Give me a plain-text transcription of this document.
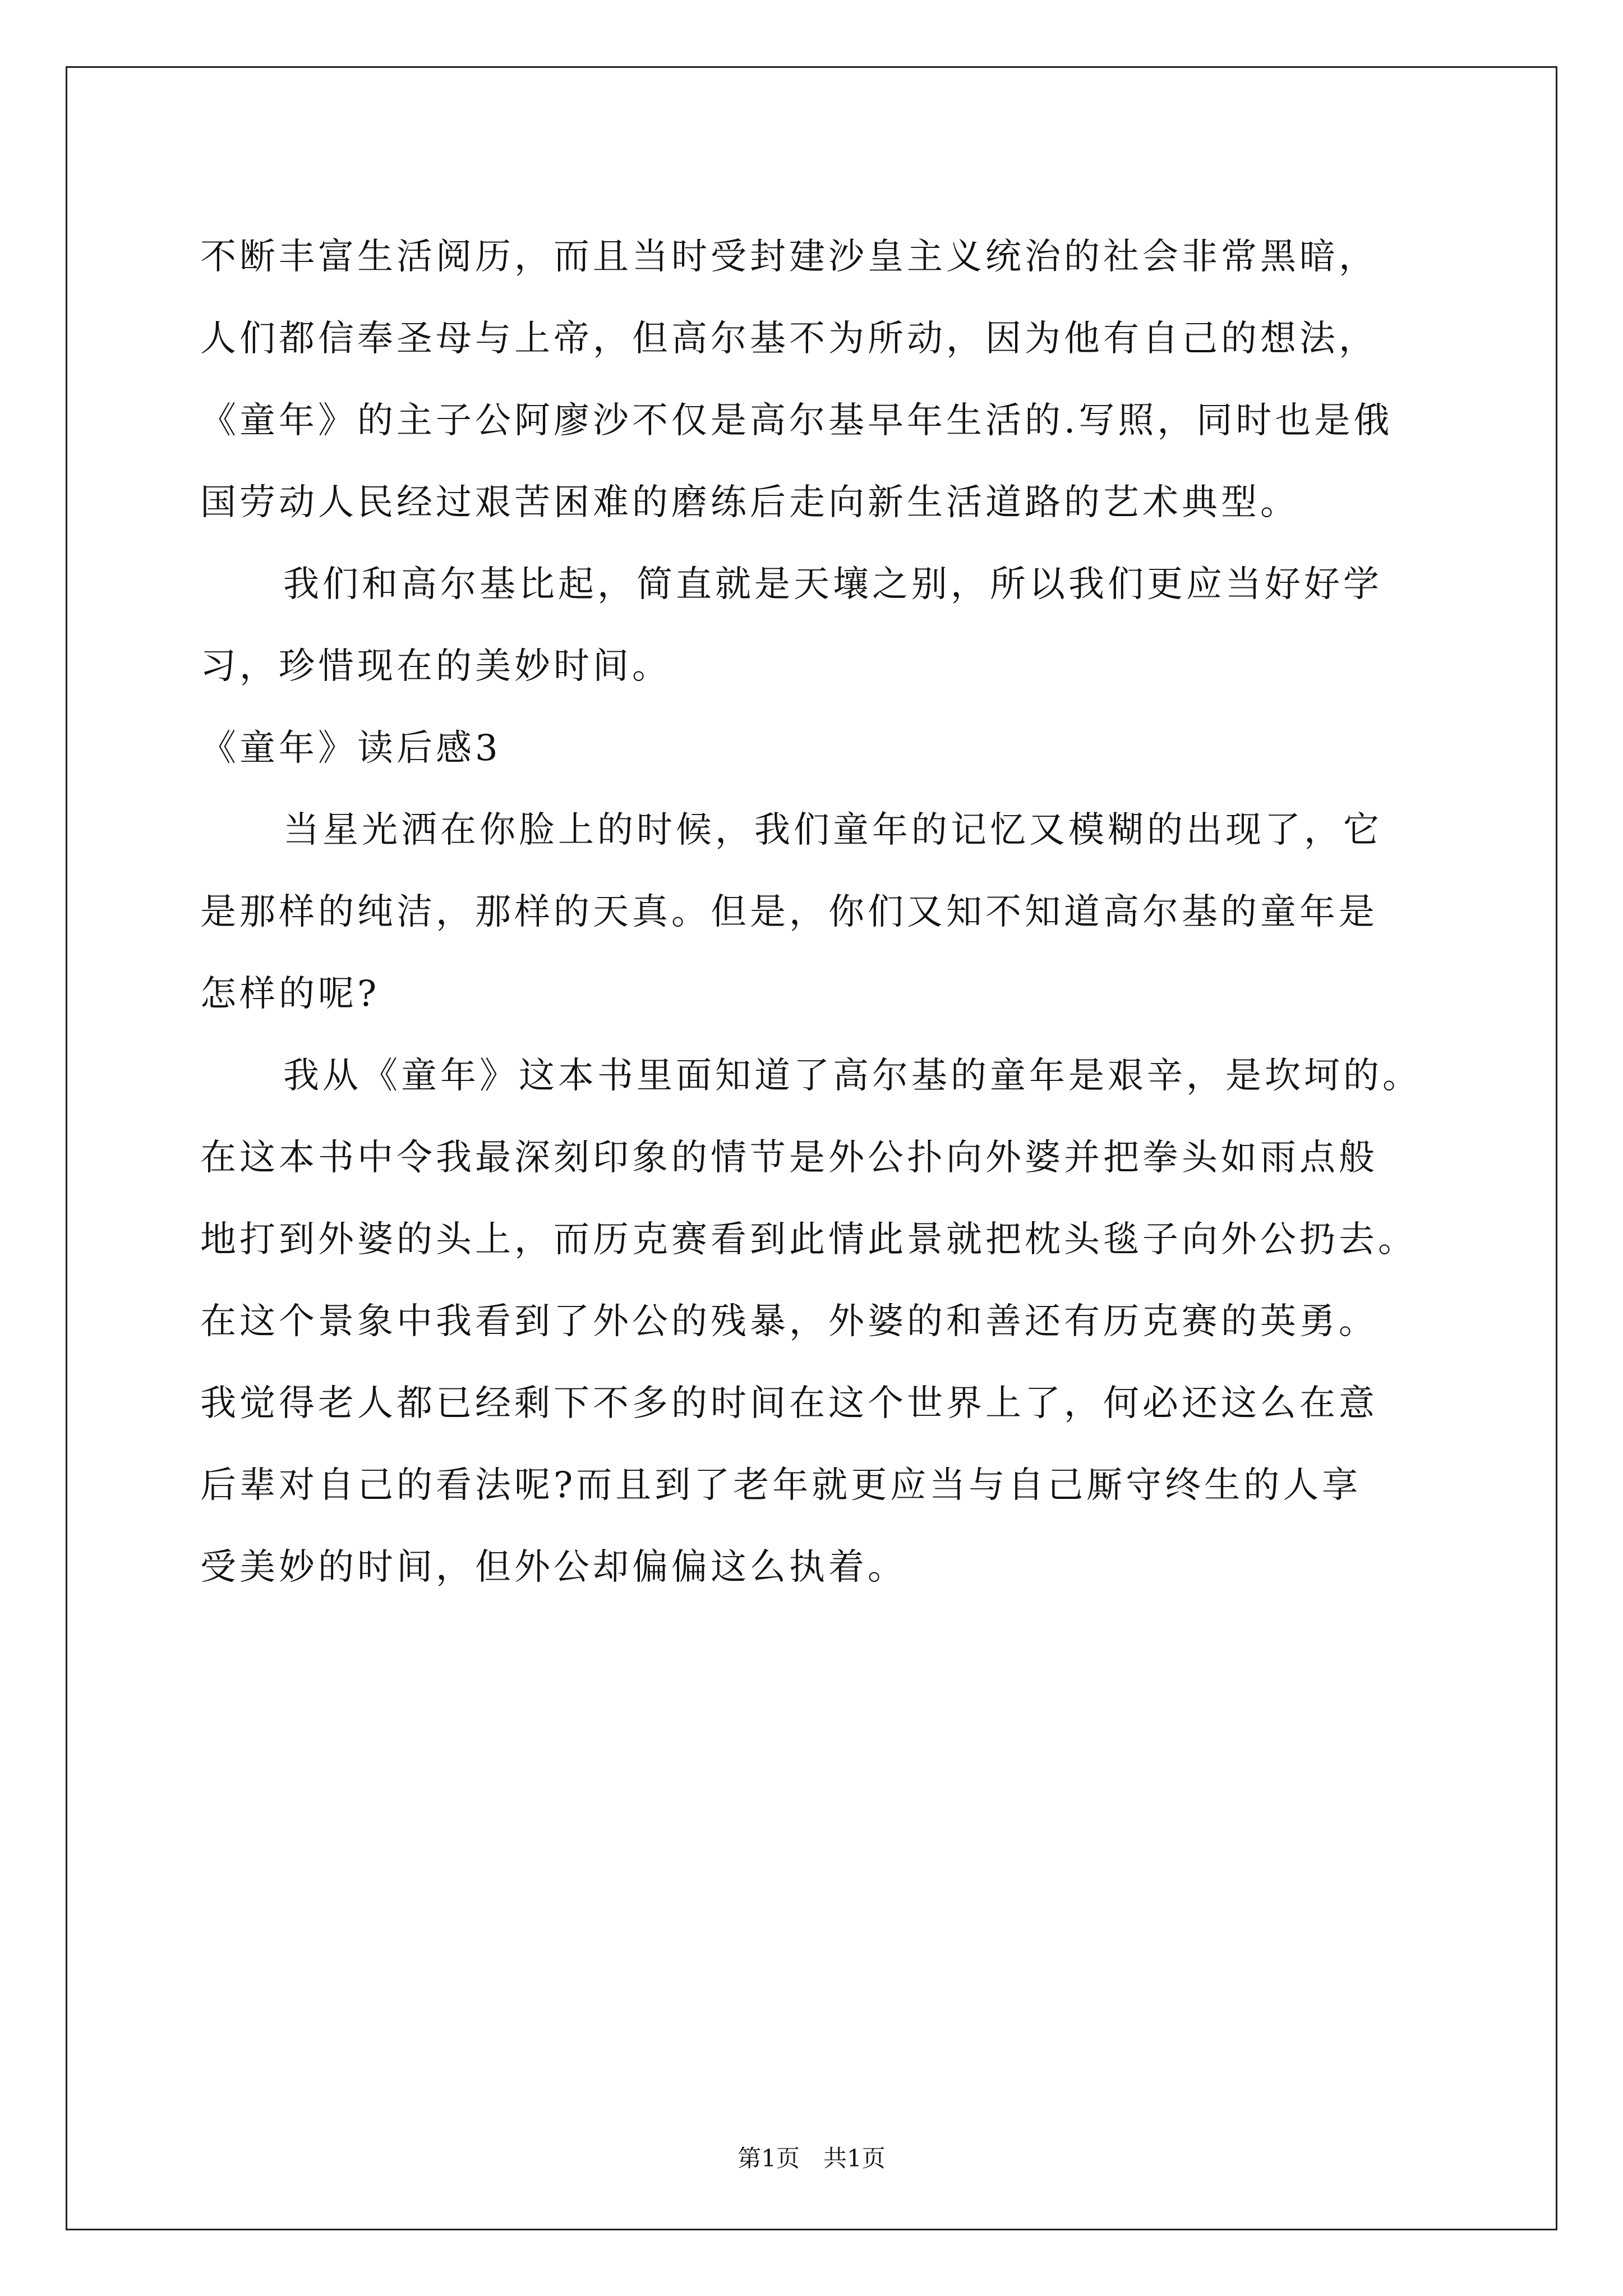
不断丰富生活阅历，而且当时受封建沙皇主义统治的社会非常黑暗，
人们都信奉圣母与上帝，但高尔基不为所动，因为他有自己的想法，
《童年》的主子公阿廖沙不仅是高尔基早年生活的.写照，同时也是俄
国劳动人民经过艰苦困难的磨练后走向新生活道路的艺术典型。
我们和高尔基比起，简直就是天壤之别，所以我们更应当好好学
习，珍惜现在的美妙时间。
《童年》读后感3
当星光洒在你脸上的时候，我们童年的记忆又模糊的出现了，它
是那样的纯洁，那样的天真。但是，你们又知不知道高尔基的童年是
怎样的呢?
我从《童年》这本书里面知道了高尔基的童年是艰辛，是坎坷的。
在这本书中令我最深刻印象的情节是外公扑向外婆并把拳头如雨点般
地打到外婆的头上，而历克赛看到此情此景就把枕头毯子向外公扔去。
在这个景象中我看到了外公的残暴，外婆的和善还有历克赛的英勇。
我觉得老人都已经剩下不多的时间在这个世界上了，何必还这么在意
后辈对自己的看法呢?而且到了老年就更应当与自己厮守终生的人享
受美妙的时间，但外公却偏偏这么执着。
第1页　共1页
